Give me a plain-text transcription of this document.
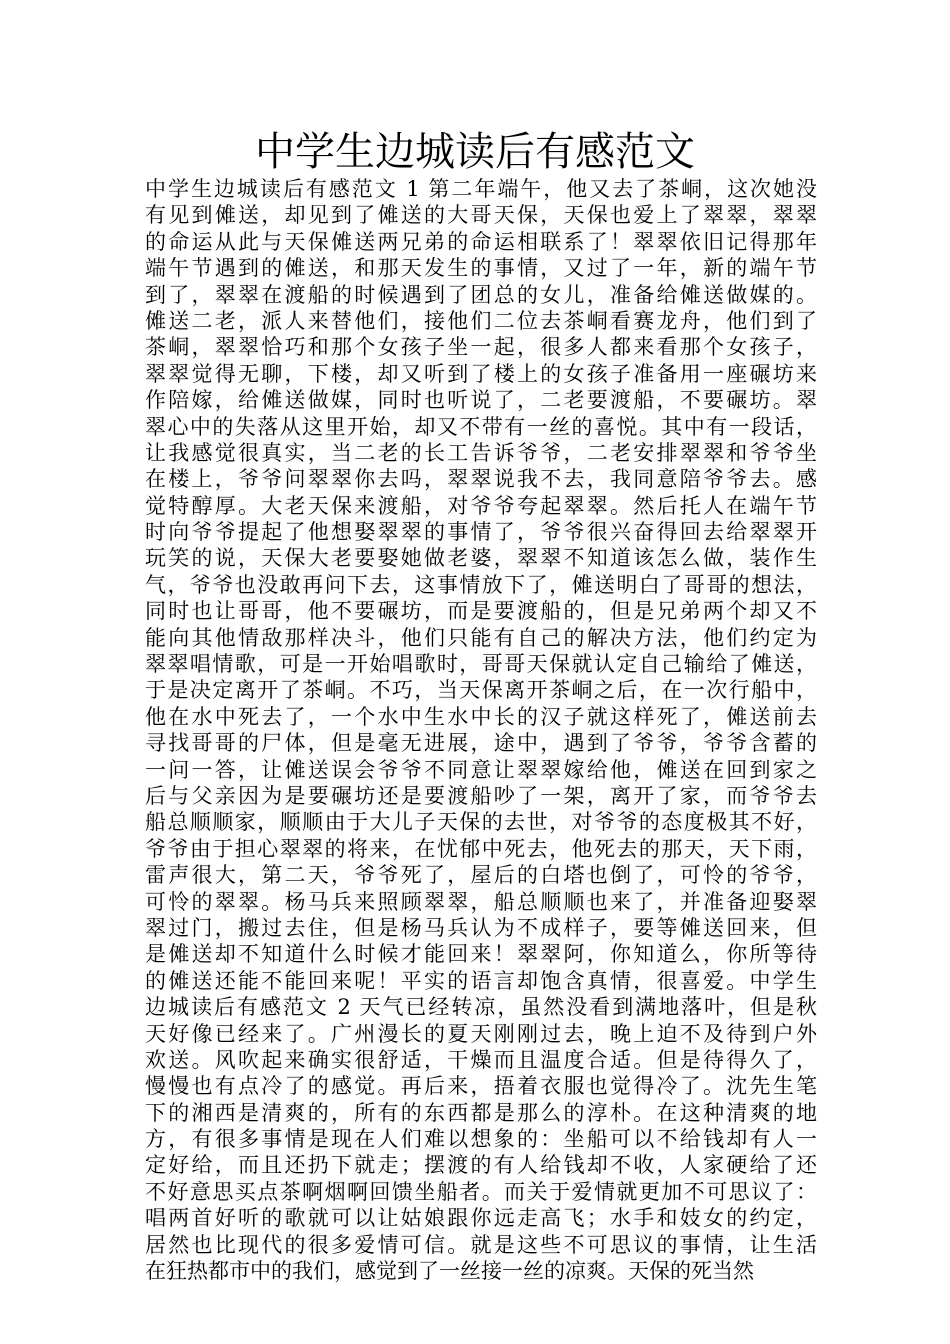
中学生边城读后有感范文
中学生边城读后有感范文 1 第二年端午，他又去了茶峒，这次她没
有见到傩送，却见到了傩送的大哥天保，天保也爱上了翠翠，翠翠
的命运从此与天保傩送两兄弟的命运相联系了！翠翠依旧记得那年
端午节遇到的傩送，和那天发生的事情，又过了一年，新的端午节
到了，翠翠在渡船的时候遇到了团总的女儿，准备给傩送做媒的。
傩送二老，派人来替他们，接他们二位去茶峒看赛龙舟，他们到了
茶峒，翠翠恰巧和那个女孩子坐一起，很多人都来看那个女孩子，
翠翠觉得无聊，下楼，却又听到了楼上的女孩子准备用一座碾坊来
作陪嫁，给傩送做媒，同时也听说了，二老要渡船，不要碾坊。翠
翠心中的失落从这里开始，却又不带有一丝的喜悦。其中有一段话，
让我感觉很真实，当二老的长工告诉爷爷，二老安排翠翠和爷爷坐
在楼上，爷爷问翠翠你去吗，翠翠说我不去，我同意陪爷爷去。感
觉特醇厚。大老天保来渡船，对爷爷夸起翠翠。然后托人在端午节
时向爷爷提起了他想娶翠翠的事情了，爷爷很兴奋得回去给翠翠开
玩笑的说，天保大老要娶她做老婆，翠翠不知道该怎么做，装作生
气，爷爷也没敢再问下去，这事情放下了，傩送明白了哥哥的想法，
同时也让哥哥，他不要碾坊，而是要渡船的，但是兄弟两个却又不
能向其他情敌那样决斗，他们只能有自己的解决方法，他们约定为
翠翠唱情歌，可是一开始唱歌时，哥哥天保就认定自己输给了傩送，
于是决定离开了茶峒。不巧，当天保离开茶峒之后，在一次行船中，
他在水中死去了，一个水中生水中长的汉子就这样死了，傩送前去
寻找哥哥的尸体，但是毫无进展，途中，遇到了爷爷，爷爷含蓄的
一问一答，让傩送误会爷爷不同意让翠翠嫁给他，傩送在回到家之
后与父亲因为是要碾坊还是要渡船吵了一架，离开了家，而爷爷去
船总顺顺家，顺顺由于大儿子天保的去世，对爷爷的态度极其不好，
爷爷由于担心翠翠的将来，在忧郁中死去，他死去的那天，天下雨，
雷声很大，第二天，爷爷死了，屋后的白塔也倒了，可怜的爷爷，
可怜的翠翠。杨马兵来照顾翠翠，船总顺顺也来了，并准备迎娶翠
翠过门，搬过去住，但是杨马兵认为不成样子，要等傩送回来，但
是傩送却不知道什么时候才能回来！翠翠阿，你知道么，你所等待
的傩送还能不能回来呢！平实的语言却饱含真情，很喜爱。中学生
边城读后有感范文 2 天气已经转凉，虽然没看到满地落叶，但是秋
天好像已经来了。广州漫长的夏天刚刚过去，晚上迫不及待到户外
欢送。风吹起来确实很舒适，干燥而且温度合适。但是待得久了，
慢慢也有点冷了的感觉。再后来，捂着衣服也觉得冷了。沈先生笔
下的湘西是清爽的，所有的东西都是那么的淳朴。在这种清爽的地
方，有很多事情是现在人们难以想象的：坐船可以不给钱却有人一
定好给，而且还扔下就走；摆渡的有人给钱却不收，人家硬给了还
不好意思买点茶啊烟啊回馈坐船者。而关于爱情就更加不可思议了：
唱两首好听的歌就可以让姑娘跟你远走高飞；水手和妓女的约定，
居然也比现代的很多爱情可信。就是这些不可思议的事情，让生活
在狂热都市中的我们，感觉到了一丝接一丝的凉爽。天保的死当然
